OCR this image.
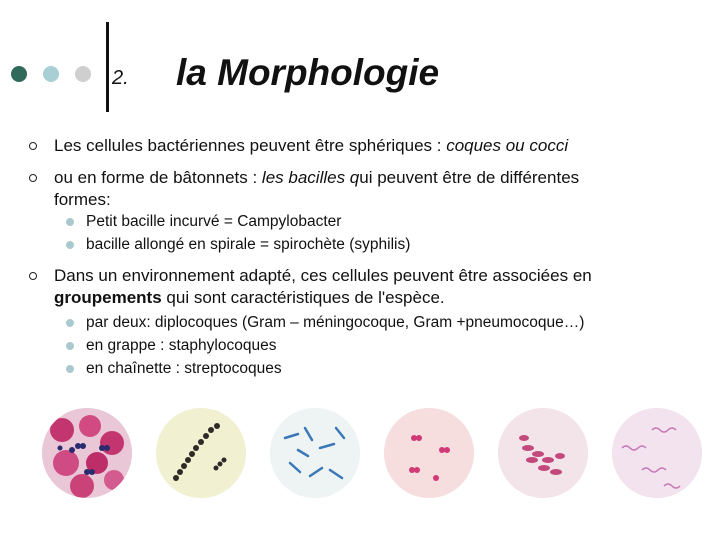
2. la Morphologie
Les cellules bactériennes peuvent être sphériques : coques ou cocci
ou en forme de bâtonnets : les bacilles qui peuvent être de différentes
formes:
Petit bacille incurvé = Campylobacter
bacille allongé en spirale = spirochète (syphilis)
Dans un environnement adapté, ces cellules peuvent être associées en
groupements qui sont caractéristiques de l'espèce.
par deux: diplocoques (Gram – méningocoque, Gram +pneumocoque…)
en grappe : staphylocoques
en chaînette : streptocoques
